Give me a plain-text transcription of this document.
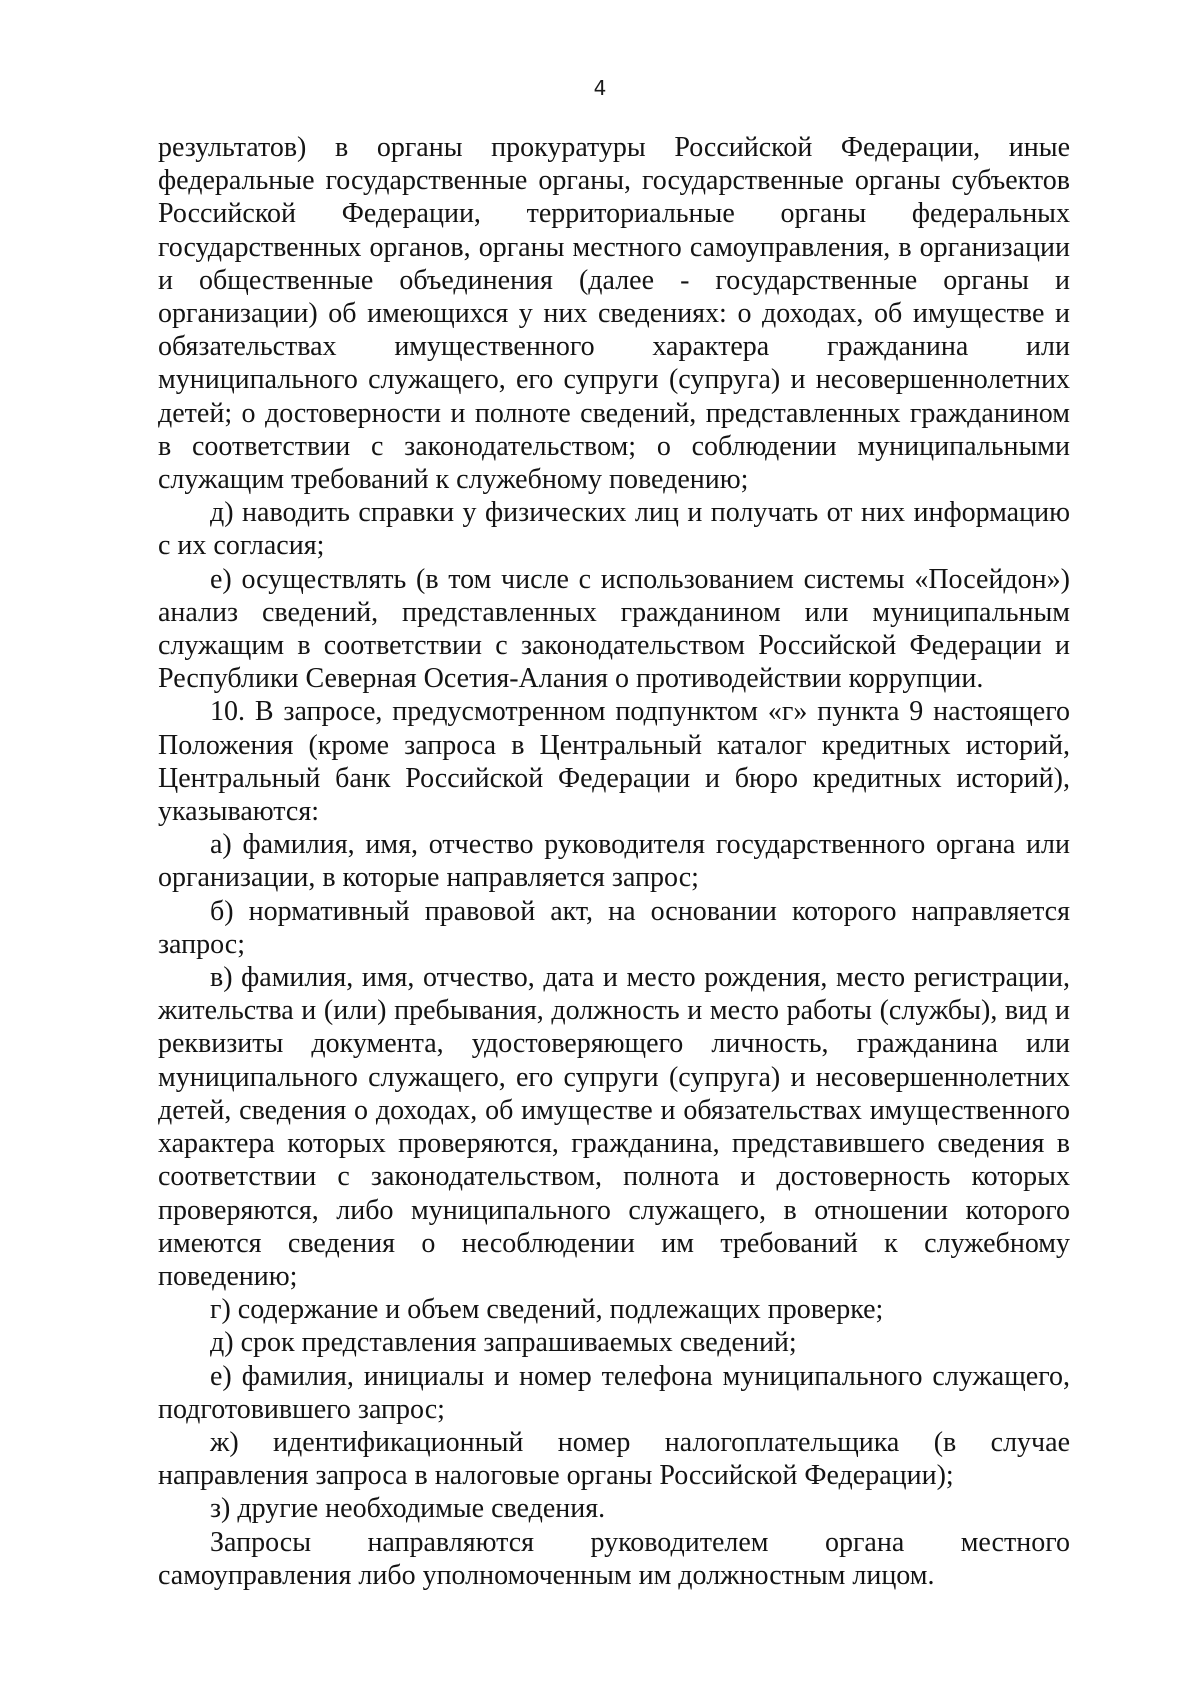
4

результатов) в органы прокуратуры Российской Федерации, иные федеральные государственные органы, государственные органы субъектов Российской Федерации, территориальные органы федеральных государственных органов, органы местного самоуправления, в организации и общественные объединения (далее - государственные органы и организации) об имеющихся у них сведениях: о доходах, об имуществе и обязательствах имущественного характера гражданина или муниципального служащего, его супруги (супруга) и несовершеннолетних детей; о достоверности и полноте сведений, представленных гражданином в соответствии с законодательством; о соблюдении муниципальными служащим требований к служебному поведению;

д) наводить справки у физических лиц и получать от них информацию с их согласия;

е) осуществлять (в том числе с использованием системы «Посейдон») анализ сведений, представленных гражданином или муниципальным служащим в соответствии с законодательством Российской Федерации и Республики Северная Осетия-Алания о противодействии коррупции.

10. В запросе, предусмотренном подпунктом «г» пункта 9 настоящего Положения (кроме запроса в Центральный каталог кредитных историй, Центральный банк Российской Федерации и бюро кредитных историй), указываются:

а) фамилия, имя, отчество руководителя государственного органа или организации, в которые направляется запрос;

б) нормативный правовой акт, на основании которого направляется запрос;

в) фамилия, имя, отчество, дата и место рождения, место регистрации, жительства и (или) пребывания, должность и место работы (службы), вид и реквизиты документа, удостоверяющего личность, гражданина или муниципального служащего, его супруги (супруга) и несовершеннолетних детей, сведения о доходах, об имуществе и обязательствах имущественного характера которых проверяются, гражданина, представившего сведения в соответствии с законодательством, полнота и достоверность которых проверяются, либо муниципального служащего, в отношении которого имеются сведения о несоблюдении им требований к служебному поведению;

г) содержание и объем сведений, подлежащих проверке;

д) срок представления запрашиваемых сведений;

е) фамилия, инициалы и номер телефона муниципального служащего, подготовившего запрос;

ж) идентификационный номер налогоплательщика (в случае направления запроса в налоговые органы Российской Федерации);

з) другие необходимые сведения.

Запросы направляются руководителем органа местного самоуправления либо уполномоченным им должностным лицом.
